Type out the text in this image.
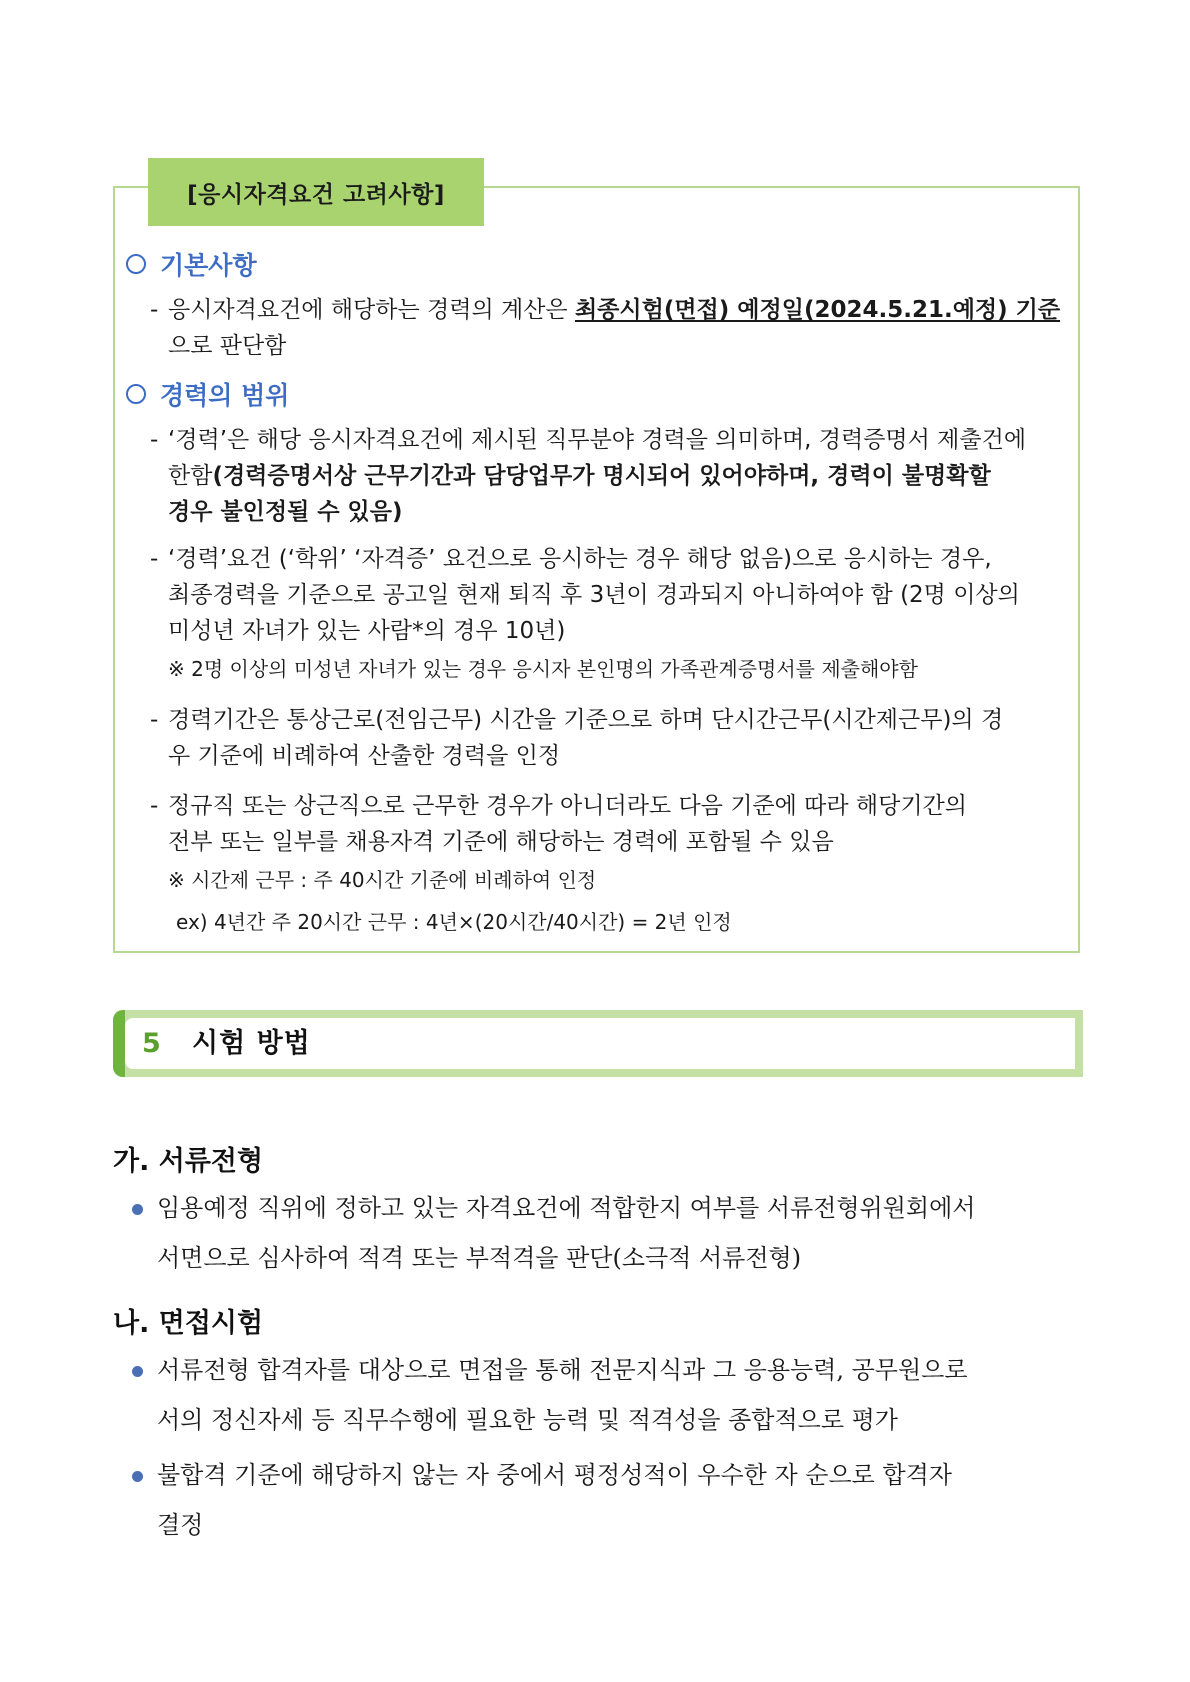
[응시자격요건 고려사항]
기본사항
- 응시자격요건에 해당하는 경력의 계산은 최종시험(면접) 예정일(2024.5.21.예정) 기준
으로 판단함
경력의 범위
- ‘경력’은 해당 응시자격요건에 제시된 직무분야 경력을 의미하며, 경력증명서 제출건에
한함(경력증명서상 근무기간과 담당업무가 명시되어 있어야하며, 경력이 불명확할
경우 불인정될 수 있음)
- ‘경력’요건 (‘학위’ ‘자격증’ 요건으로 응시하는 경우 해당 없음)으로 응시하는 경우,
최종경력을 기준으로 공고일 현재 퇴직 후 3년이 경과되지 아니하여야 함 (2명 이상의
미성년 자녀가 있는 사람*의 경우 10년)
※ 2명 이상의 미성년 자녀가 있는 경우 응시자 본인명의 가족관계증명서를 제출해야함
- 경력기간은 통상근로(전임근무) 시간을 기준으로 하며 단시간근무(시간제근무)의 경
우 기준에 비례하여 산출한 경력을 인정
- 정규직 또는 상근직으로 근무한 경우가 아니더라도 다음 기준에 따라 해당기간의
전부 또는 일부를 채용자격 기준에 해당하는 경력에 포함될 수 있음
※ 시간제 근무 : 주 40시간 기준에 비례하여 인정
ex) 4년간 주 20시간 근무 : 4년×(20시간/40시간) = 2년 인정
5 시험 방법
가. 서류전형
임용예정 직위에 정하고 있는 자격요건에 적합한지 여부를 서류전형위원회에서
서면으로 심사하여 적격 또는 부적격을 판단(소극적 서류전형)
나. 면접시험
서류전형 합격자를 대상으로 면접을 통해 전문지식과 그 응용능력, 공무원으로
서의 정신자세 등 직무수행에 필요한 능력 및 적격성을 종합적으로 평가
불합격 기준에 해당하지 않는 자 중에서 평정성적이 우수한 자 순으로 합격자
결정
